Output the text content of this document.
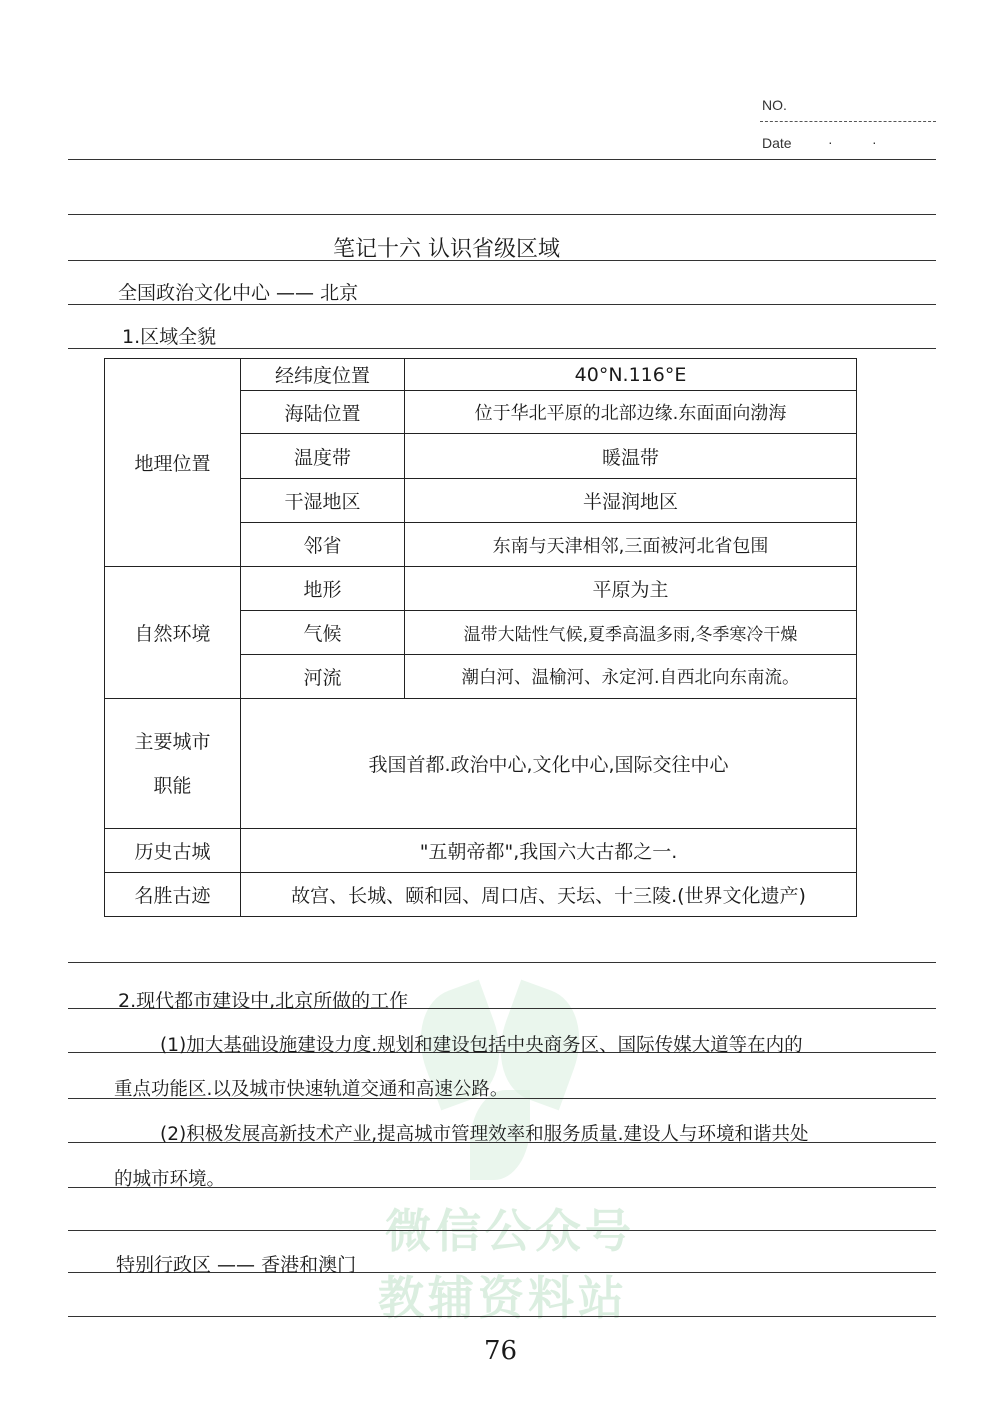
微信公众号
教辅资料站
NO.
Date	·	·
笔记十六 认识省级区域
全国政治文化中心 —— 北京
1.区域全貌
地理位置	经纬度位置	40°N.116°E
	海陆位置	位于华北平原的北部边缘.东面面向渤海
	温度带	暖温带
	干湿地区	半湿润地区
	邻省	东南与天津相邻,三面被河北省包围
自然环境	地形	平原为主
	气候	温带大陆性气候,夏季高温多雨,冬季寒冷干燥
	河流	潮白河、温榆河、永定河.自西北向东南流。

主要城市
职能	我国首都.政治中心,文化中心,国际交往中心	
历史古城	"五朝帝都",我国六大古都之一.	
名胜古迹	故宫、长城、颐和园、周口店、天坛、十三陵.(世界文化遗产)	
2.现代都市建设中,北京所做的工作
(1)加大基础设施建设力度.规划和建设包括中央商务区、国际传媒大道等在内的
重点功能区.以及城市快速轨道交通和高速公路。
(2)积极发展高新技术产业,提高城市管理效率和服务质量.建设人与环境和谐共处
的城市环境。
特别行政区 —— 香港和澳门
76
